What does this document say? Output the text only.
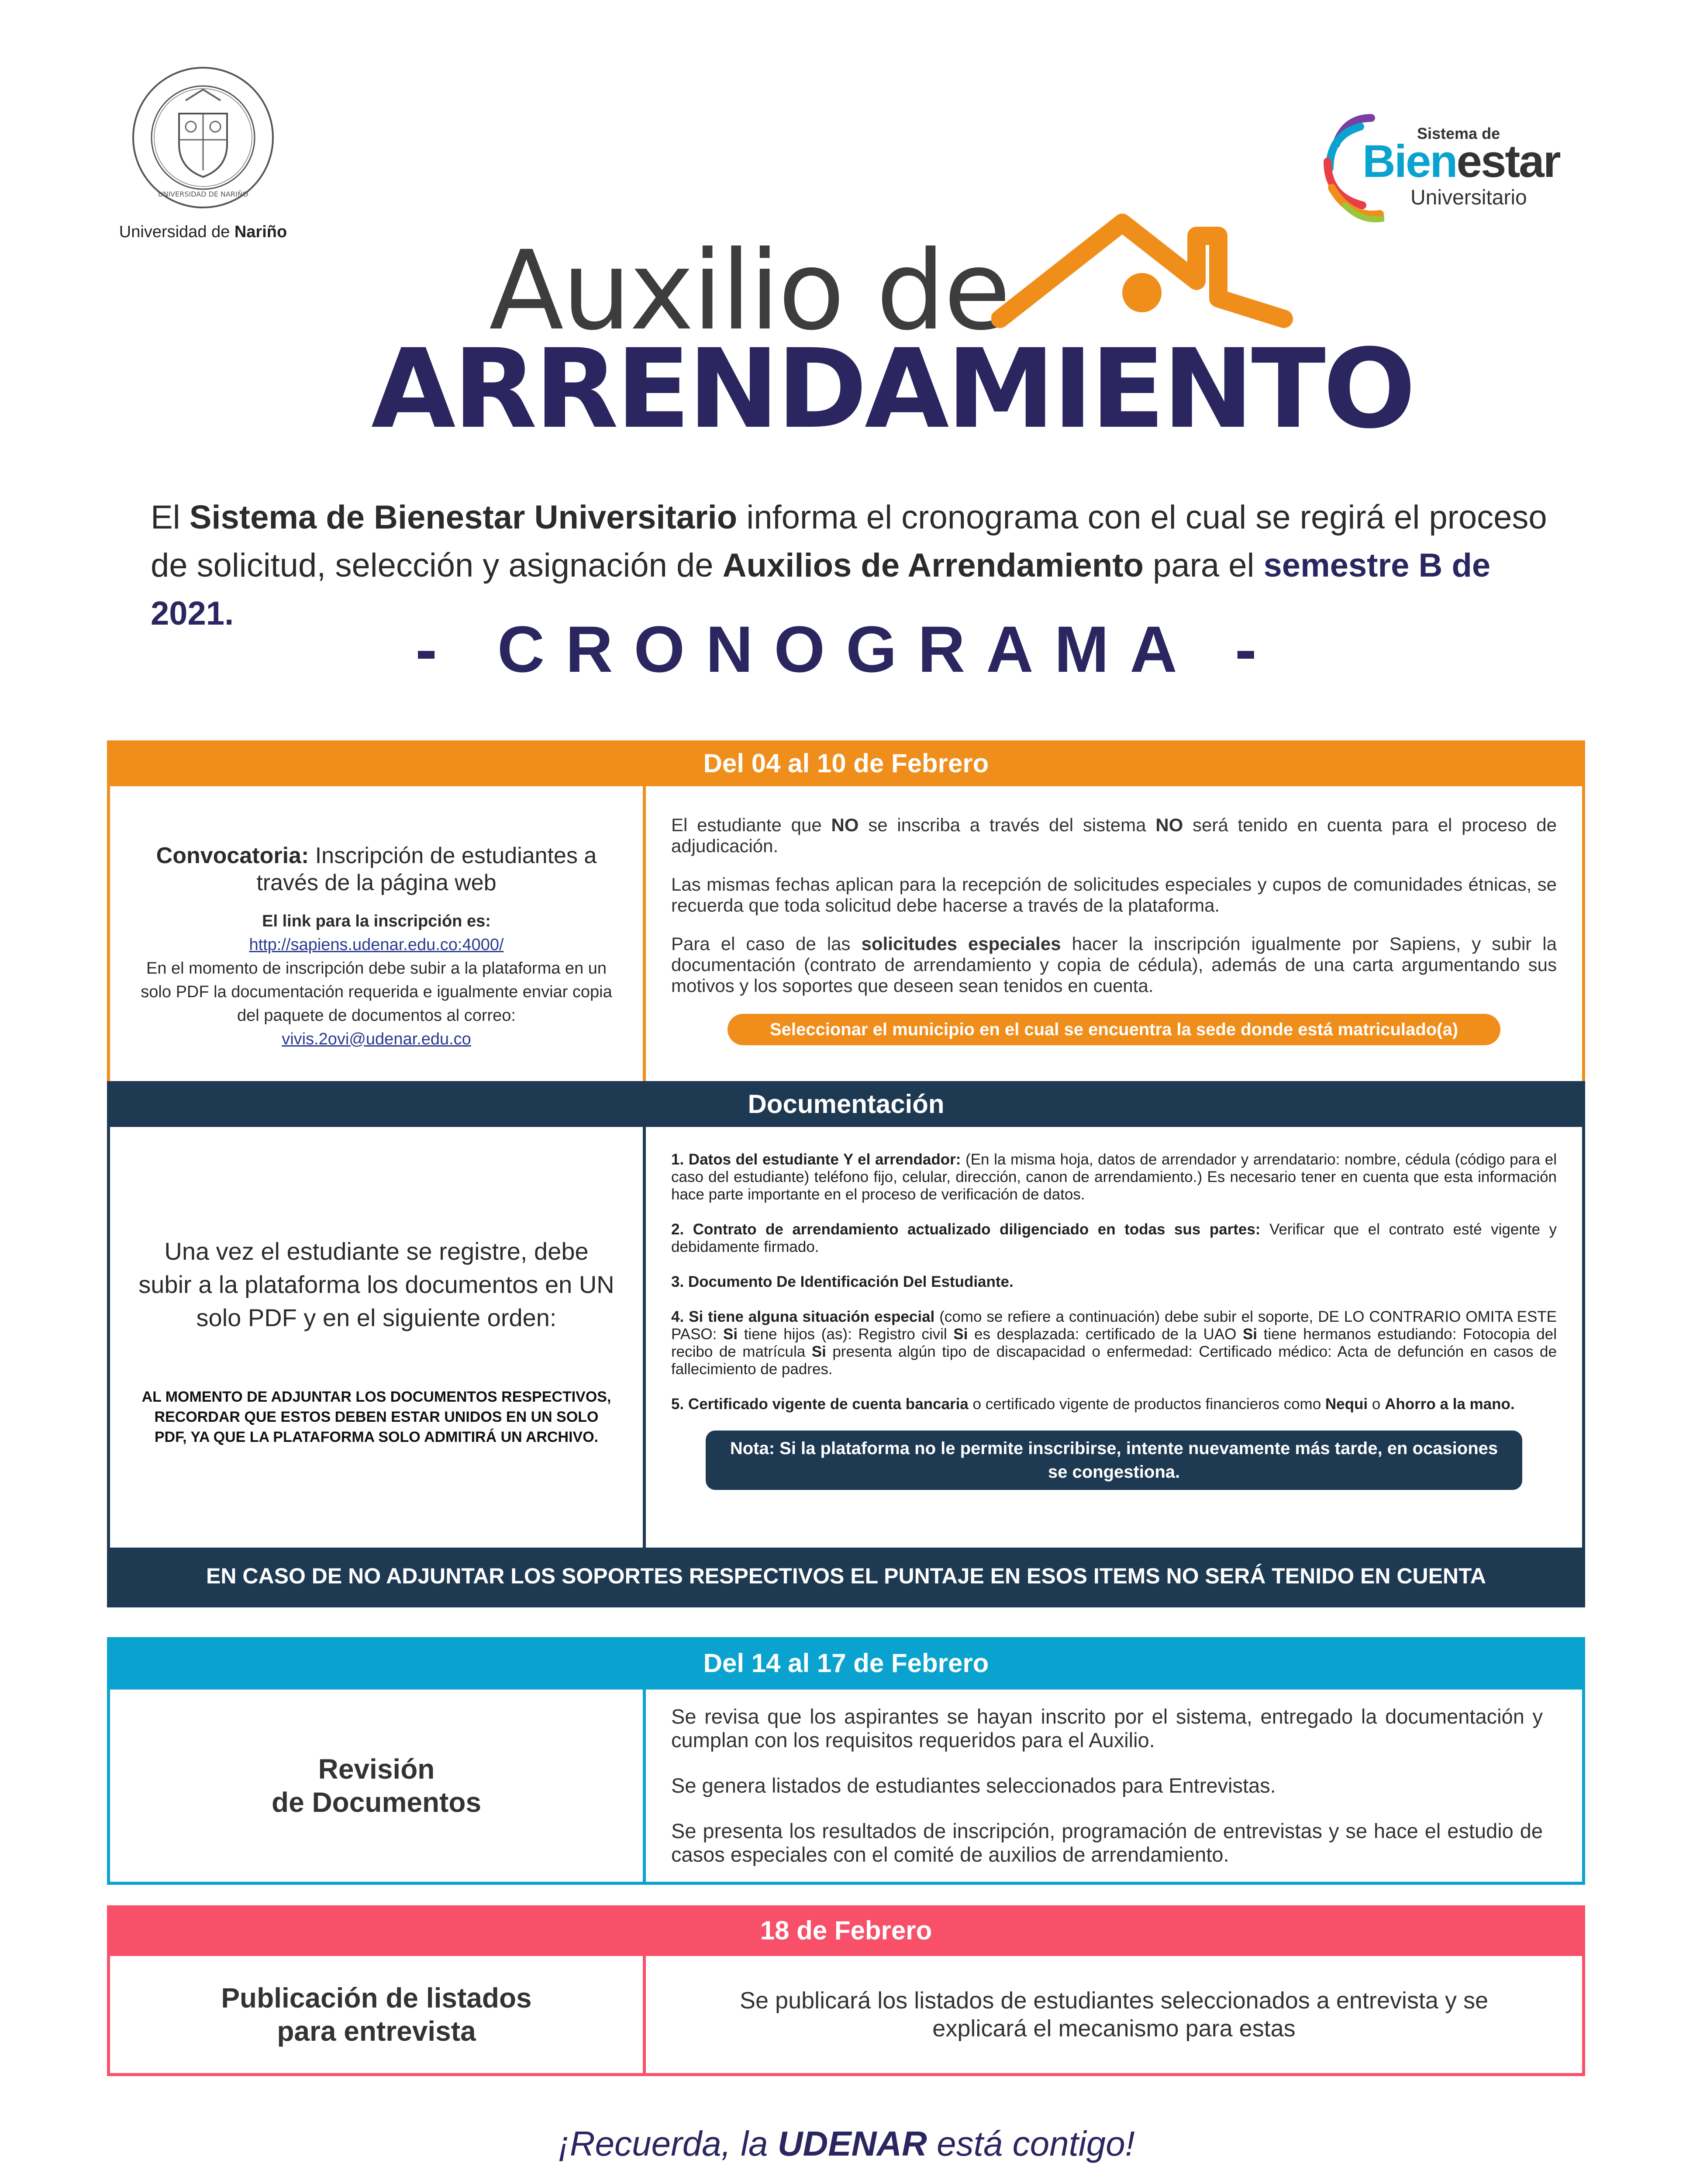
UNIVERSIDAD DE NARIÑO
Universidad de Nariño
Sistema de
Bienestar
Universitario
Auxilio de
ARRENDAMIENTO
El Sistema de Bienestar Universitario informa el cronograma con el cual se regirá el proceso de solicitud, selección y asignación de Auxilios de Arrendamiento para el semestre B de 2021.	- CRONOGRAMA -
Del 04 al 10 de Febrero
Convocatoria: Inscripción de estudiantes a través de la página web
El link para la inscripción es:
http://sapiens.udenar.edu.co:4000/
En el momento de inscripción debe subir a la plataforma en un solo PDF la documentación requerida e igualmente enviar copia del paquete de documentos al correo:
vivis.2ovi@udenar.edu.co

El estudiante que NO se inscriba a través del sistema NO será tenido en cuenta para el proceso de adjudicación.

Las mismas fechas aplican para la recepción de solicitudes especiales y cupos de comunidades étnicas, se recuerda que toda solicitud debe hacerse a través de la plataforma.

Para el caso de las solicitudes especiales hacer la inscripción igualmente por Sapiens, y subir la documentación (contrato de arrendamiento y copia de cédula), además de una carta argumentando sus motivos y los soportes que deseen sean tenidos en cuenta.

Seleccionar el municipio en el cual se encuentra la sede donde está matriculado(a)
Documentación
Una vez el estudiante se registre, debe subir a la plataforma los documentos en UN solo PDF y en el siguiente orden:
AL MOMENTO DE ADJUNTAR LOS DOCUMENTOS RESPECTIVOS, RECORDAR QUE ESTOS DEBEN ESTAR UNIDOS EN UN SOLO PDF, YA QUE LA PLATAFORMA SOLO ADMITIRÁ UN ARCHIVO.

1. Datos del estudiante Y el arrendador: (En la misma hoja, datos de arrendador y arrendatario: nombre, cédula (código para el caso del estudiante) teléfono fijo, celular, dirección, canon de arrendamiento.) Es necesario tener en cuenta que esta información hace parte importante en el proceso de verificación de datos.

2. Contrato de arrendamiento actualizado diligenciado en todas sus partes: Verificar que el contrato esté vigente y debidamente firmado.

3. Documento De Identificación Del Estudiante.

4. Si tiene alguna situación especial (como se refiere a continuación) debe subir el soporte, DE LO CONTRARIO OMITA ESTE PASO: Si tiene hijos (as): Registro civil Si es desplazada: certificado de la UAO Si tiene hermanos estudiando: Fotocopia del recibo de matrícula Si presenta algún tipo de discapacidad o enfermedad: Certificado médico: Acta de defunción en casos de fallecimiento de padres.

5. Certificado vigente de cuenta bancaria o certificado vigente de productos financieros como Nequi o Ahorro a la mano.

Nota: Si la plataforma no le permite inscribirse, intente nuevamente más tarde, en ocasiones se congestiona.
EN CASO DE NO ADJUNTAR LOS SOPORTES RESPECTIVOS EL PUNTAJE EN ESOS ITEMS NO SERÁ TENIDO EN CUENTA
Del 14 al 17 de Febrero
Revisión
de Documentos

Se revisa que los aspirantes se hayan inscrito por el sistema, entregado la documentación y cumplan con los requisitos requeridos para el Auxilio.

Se genera listados de estudiantes seleccionados para Entrevistas.

Se presenta los resultados de inscripción, programación de entrevistas y se hace el estudio de casos especiales con el comité de auxilios de arrendamiento.

18 de Febrero
Publicación de listados
para entrevista
Se publicará los listados de estudiantes seleccionados a entrevista y se explicará el mecanismo para estas
¡Recuerda, la UDENAR está contigo!
